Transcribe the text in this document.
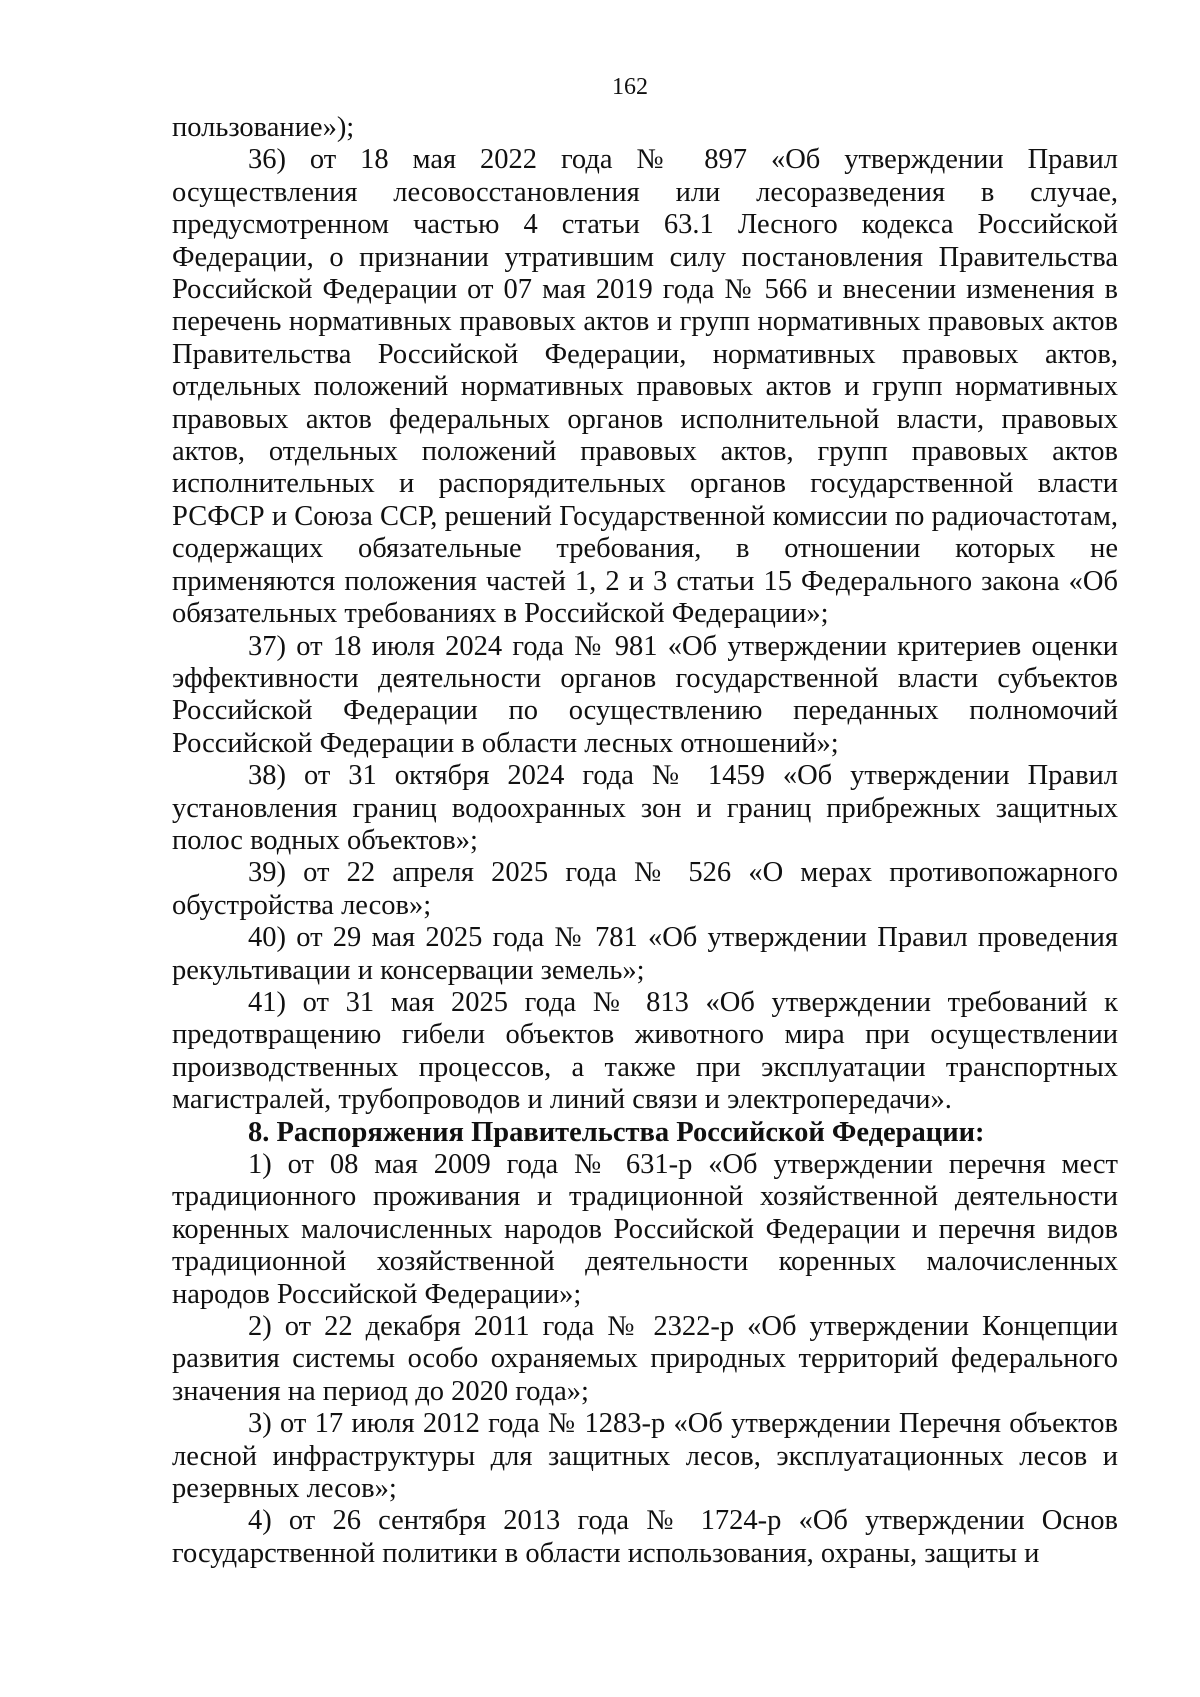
162

пользование»);

36) от 18 мая 2022 года № 897 «Об утверждении Правил осуществления лесовосстановления или лесоразведения в случае, предусмотренном частью 4 статьи 63.1 Лесного кодекса Российской Федерации, о признании утратившим силу постановления Правительства Российской Федерации от 07 мая 2019 года № 566 и внесении изменения в перечень нормативных правовых актов и групп нормативных правовых актов Правительства Российской Федерации, нормативных правовых актов, отдельных положений нормативных правовых актов и групп нормативных правовых актов федеральных органов исполнительной власти, правовых актов, отдельных положений правовых актов, групп правовых актов исполнительных и распорядительных органов государственной власти РСФСР и Союза ССР, решений Государственной комиссии по радиочастотам, содержащих обязательные требования, в отношении которых не применяются положения частей 1, 2 и 3 статьи 15 Федерального закона «Об обязательных требованиях в Российской Федерации»;

37) от 18 июля 2024 года № 981 «Об утверждении критериев оценки эффективности деятельности органов государственной власти субъектов Российской Федерации по осуществлению переданных полномочий Российской Федерации в области лесных отношений»;

38) от 31 октября 2024 года № 1459 «Об утверждении Правил установления границ водоохранных зон и границ прибрежных защитных полос водных объектов»;

39) от 22 апреля 2025 года № 526 «О мерах противопожарного обустройства лесов»;

40) от 29 мая 2025 года № 781 «Об утверждении Правил проведения рекультивации и консервации земель»;

41) от 31 мая 2025 года № 813 «Об утверждении требований к предотвращению гибели объектов животного мира при осуществлении производственных процессов, а также при эксплуатации транспортных магистралей, трубопроводов и линий связи и электропередачи».

8. Распоряжения Правительства Российской Федерации:

1) от 08 мая 2009 года № 631-р «Об утверждении перечня мест традиционного проживания и традиционной хозяйственной деятельности коренных малочисленных народов Российской Федерации и перечня видов традиционной хозяйственной деятельности коренных малочисленных народов Российской Федерации»;

2) от 22 декабря 2011 года № 2322-р «Об утверждении Концепции развития системы особо охраняемых природных территорий федерального значения на период до 2020 года»;

3) от 17 июля 2012 года № 1283-р «Об утверждении Перечня объектов лесной инфраструктуры для защитных лесов, эксплуатационных лесов и резервных лесов»;

4) от 26 сентября 2013 года № 1724-р «Об утверждении Основ государственной политики в области использования, охраны, защиты и
